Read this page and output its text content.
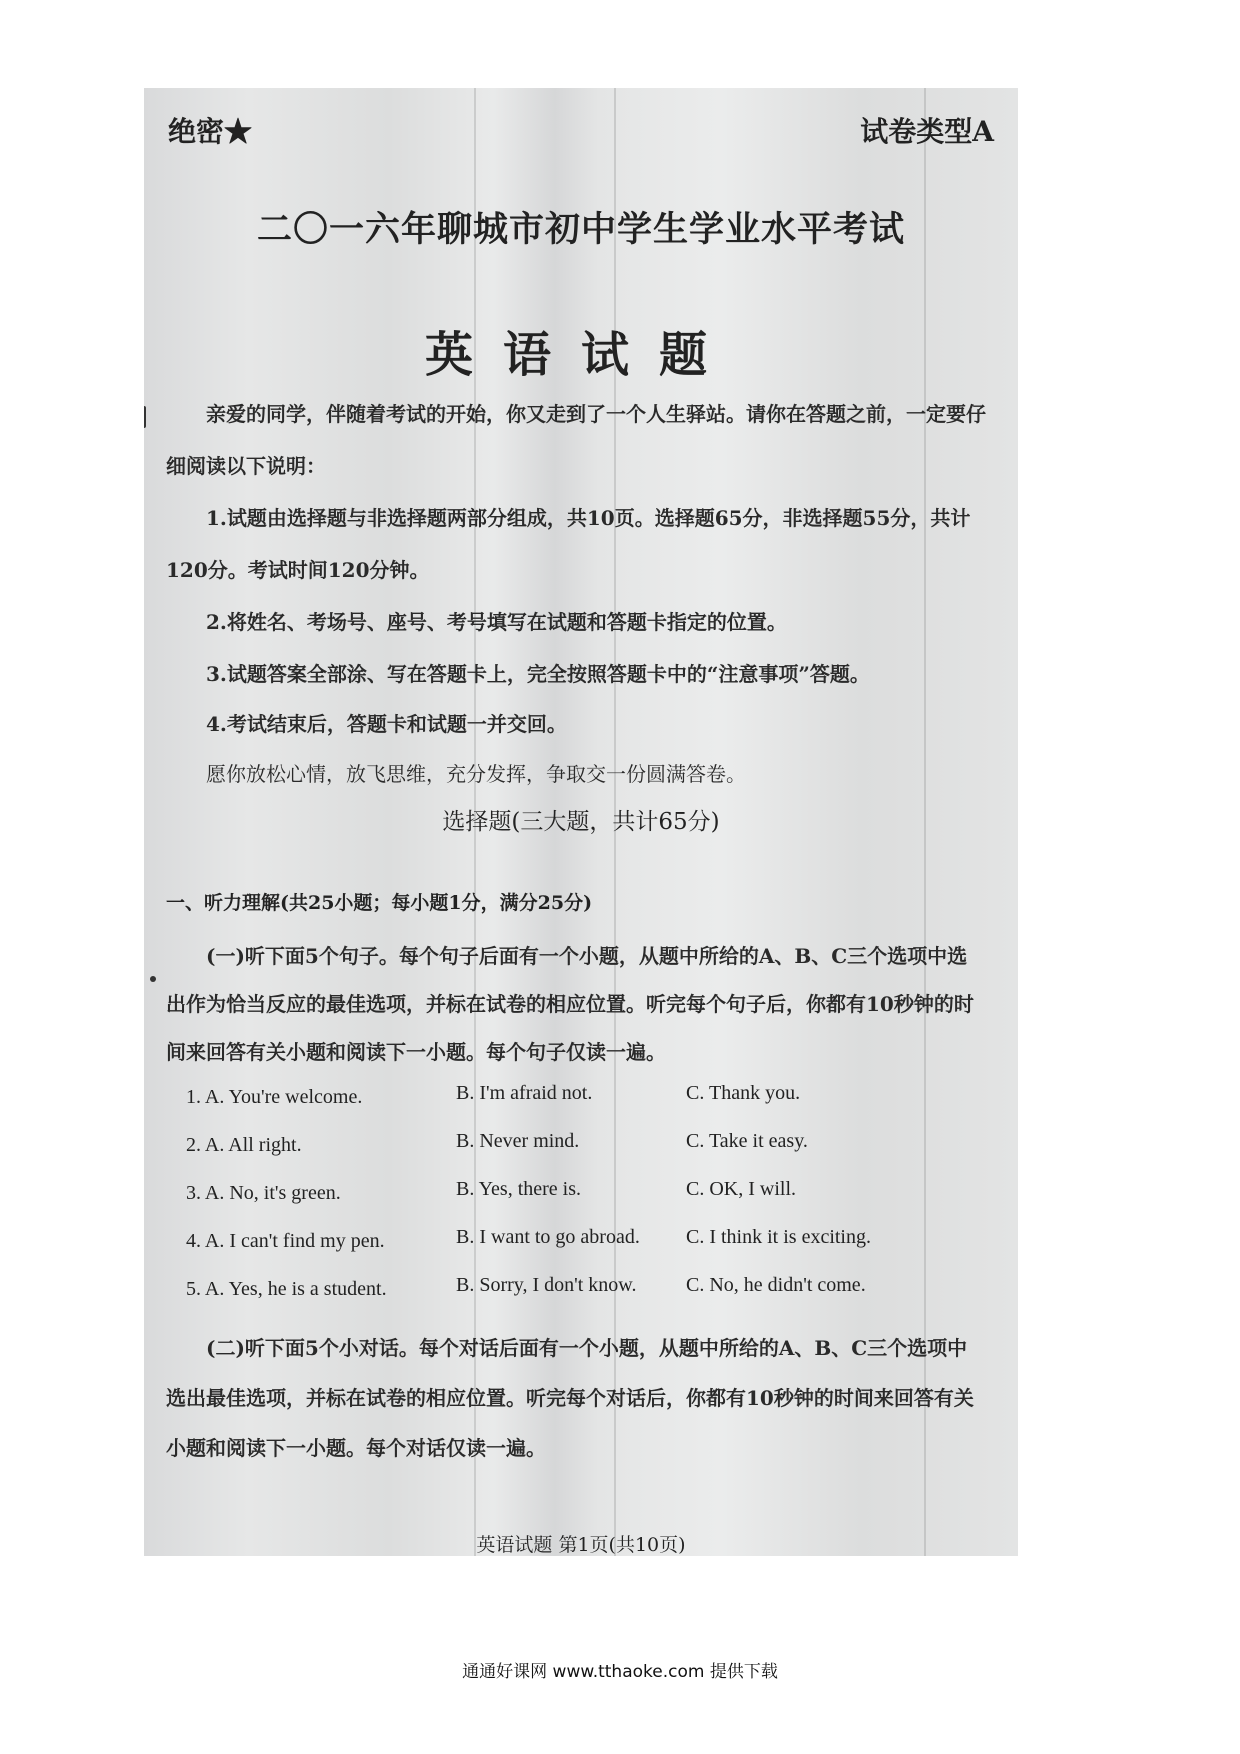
绝密★	试卷类型A
二〇一六年聊城市初中学生学业水平考试
英语试题
亲爱的同学，伴随着考试的开始，你又走到了一个人生驿站。请你在答题之前，一定要仔
细阅读以下说明：
1.试题由选择题与非选择题两部分组成，共10页。选择题65分，非选择题55分，共计
120分。考试时间120分钟。
2.将姓名、考场号、座号、考号填写在试题和答题卡指定的位置。
3.试题答案全部涂、写在答题卡上，完全按照答题卡中的“注意事项”答题。
4.考试结束后，答题卡和试题一并交回。
愿你放松心情，放飞思维，充分发挥，争取交一份圆满答卷。
选择题(三大题，共计65分)
一、听力理解(共25小题；每小题1分，满分25分)
(一)听下面5个句子。每个句子后面有一个小题，从题中所给的A、B、C三个选项中选
出作为恰当反应的最佳选项，并标在试卷的相应位置。听完每个句子后，你都有10秒钟的时
间来回答有关小题和阅读下一小题。每个句子仅读一遍。
1. A. You're welcome.	B. I'm afraid not.	C. Thank you.
2. A. All right.	B. Never mind.	C. Take it easy.
3. A. No, it's green.	B. Yes, there is.	C. OK, I will.
4. A. I can't find my pen.	B. I want to go abroad. C. I think it is exciting.
5. A. Yes, he is a student.	B. Sorry, I don't know. C. No, he didn't come.
(二)听下面5个小对话。每个对话后面有一个小题，从题中所给的A、B、C三个选项中
选出最佳选项，并标在试卷的相应位置。听完每个对话后，你都有10秒钟的时间来回答有关
小题和阅读下一小题。每个对话仅读一遍。
英语试题 第1页(共10页)
通通好课网 www.tthaoke.com 提供下载
